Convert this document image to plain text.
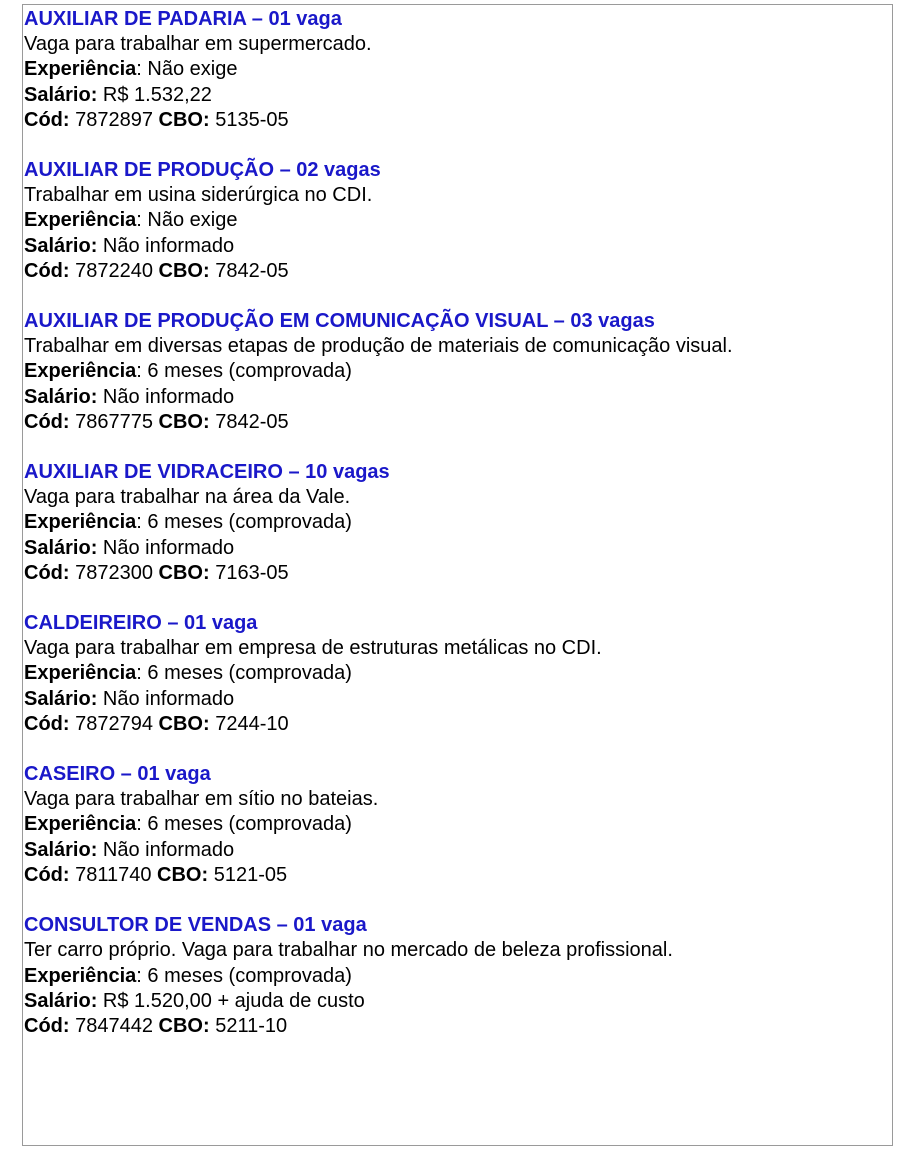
AUXILIAR DE PADARIA – 01 vaga
Vaga para trabalhar em supermercado.
Experiência: Não exige
Salário: R$ 1.532,22
Cód: 7872897 CBO: 5135-05
AUXILIAR DE PRODUÇÃO – 02 vagas
Trabalhar em usina siderúrgica no CDI.
Experiência: Não exige
Salário: Não informado
Cód: 7872240 CBO: 7842-05
AUXILIAR DE PRODUÇÃO EM COMUNICAÇÃO VISUAL – 03 vagas
Trabalhar em diversas etapas de produção de materiais de comunicação visual.
Experiência: 6 meses (comprovada)
Salário: Não informado
Cód: 7867775 CBO: 7842-05
AUXILIAR DE VIDRACEIRO – 10 vagas
Vaga para trabalhar na área da Vale.
Experiência: 6 meses (comprovada)
Salário: Não informado
Cód: 7872300 CBO: 7163-05
CALDEIREIRO – 01 vaga
Vaga para trabalhar em empresa de estruturas metálicas no CDI.
Experiência: 6 meses (comprovada)
Salário: Não informado
Cód: 7872794 CBO: 7244-10
CASEIRO – 01 vaga
Vaga para trabalhar em sítio no bateias.
Experiência: 6 meses (comprovada)
Salário: Não informado
Cód: 7811740 CBO: 5121-05
CONSULTOR DE VENDAS – 01 vaga
Ter carro próprio. Vaga para trabalhar no mercado de beleza profissional.
Experiência: 6 meses (comprovada)
Salário: R$ 1.520,00 + ajuda de custo
Cód: 7847442 CBO: 5211-10
